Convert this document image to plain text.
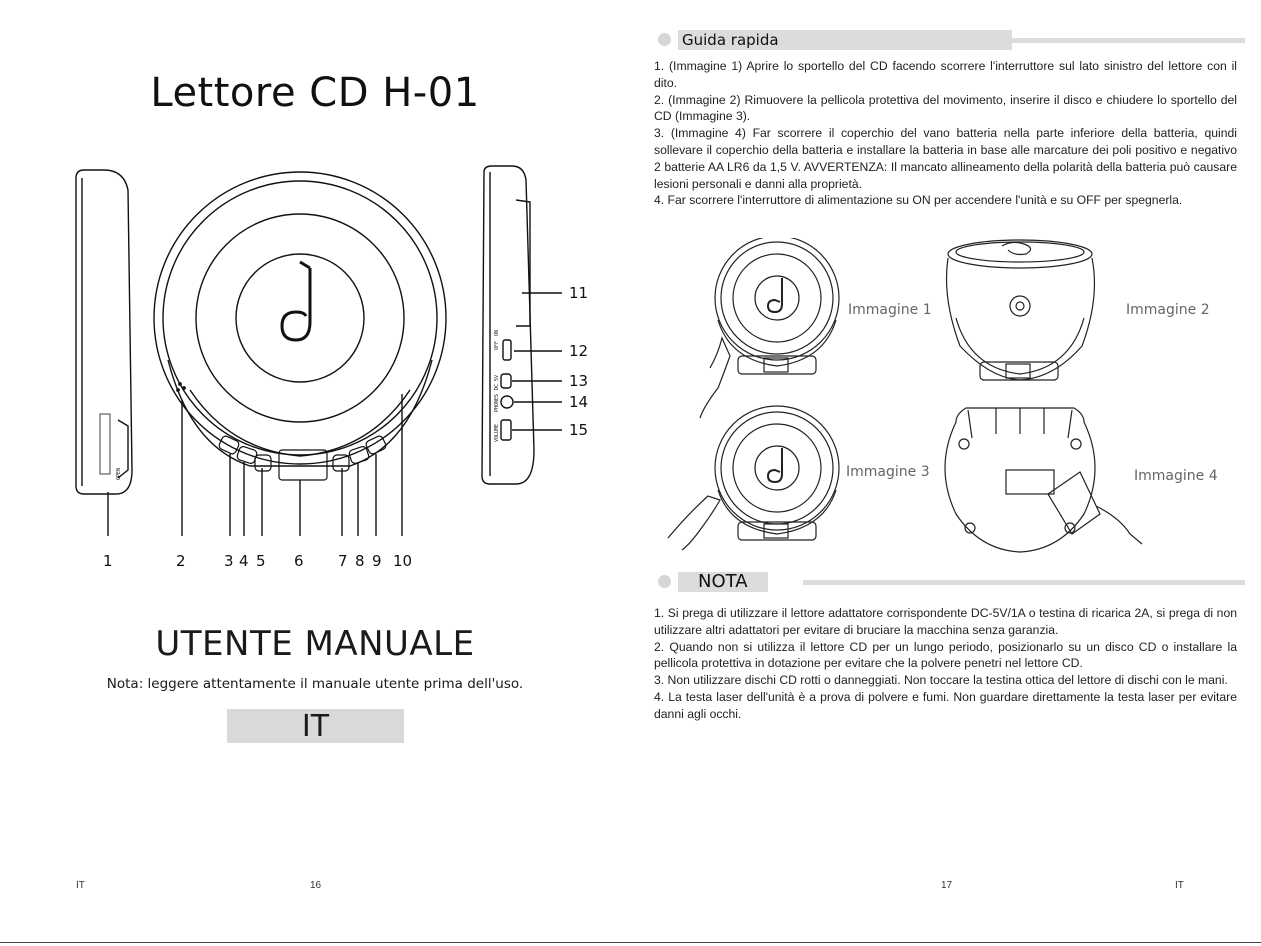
Lettore CD H-01
OFF
ON
DC 5V
PHONES
VOLUME
OPEN
1	2	3 4 5 6 7 8 9 10
11
12
13
14
15
UTENTE MANUALE
Nota: leggere attentamente il manuale utente prima dell'uso.
IT
IT	16
Guida rapida

1. (Immagine 1) Aprire lo sportello del CD facendo scorrere l'interruttore sul lato sinistro del lettore con il dito.

2. (Immagine 2) Rimuovere la pellicola protettiva del movimento, inserire il disco e chiudere lo sportello del CD (Immagine 3).

3. (Immagine 4) Far scorrere il coperchio del vano batteria nella parte inferiore della batteria, quindi sollevare il coperchio della batteria e installare la batteria in base alle marcature dei poli positivo e negativo 2 batterie AA LR6 da 1,5 V. AVVERTENZA: Il mancato allineamento della polarità della batteria può causare lesioni personali e danni alla proprietà.

4. Far scorrere l'interruttore di alimentazione su ON per accendere l'unità e su OFF per spegnerla.

Immagine 1	Immagine 2
Immagine 3	Immagine 4
NOTA

1. Si prega di utilizzare il lettore adattatore corrispondente DC-5V/1A o testina di ricarica 2A, si prega di non utilizzare altri adattatori per evitare di bruciare la macchina senza garanzia.

2. Quando non si utilizza il lettore CD per un lungo periodo, posizionarlo su un disco CD o installare la pellicola protettiva in dotazione per evitare che la polvere penetri nel lettore CD.

3. Non utilizzare dischi CD rotti o danneggiati. Non toccare la testina ottica del lettore di dischi con le mani.

4. La testa laser dell'unità è a prova di polvere e fumi. Non guardare direttamente la testa laser per evitare danni agli occhi.

17	IT
